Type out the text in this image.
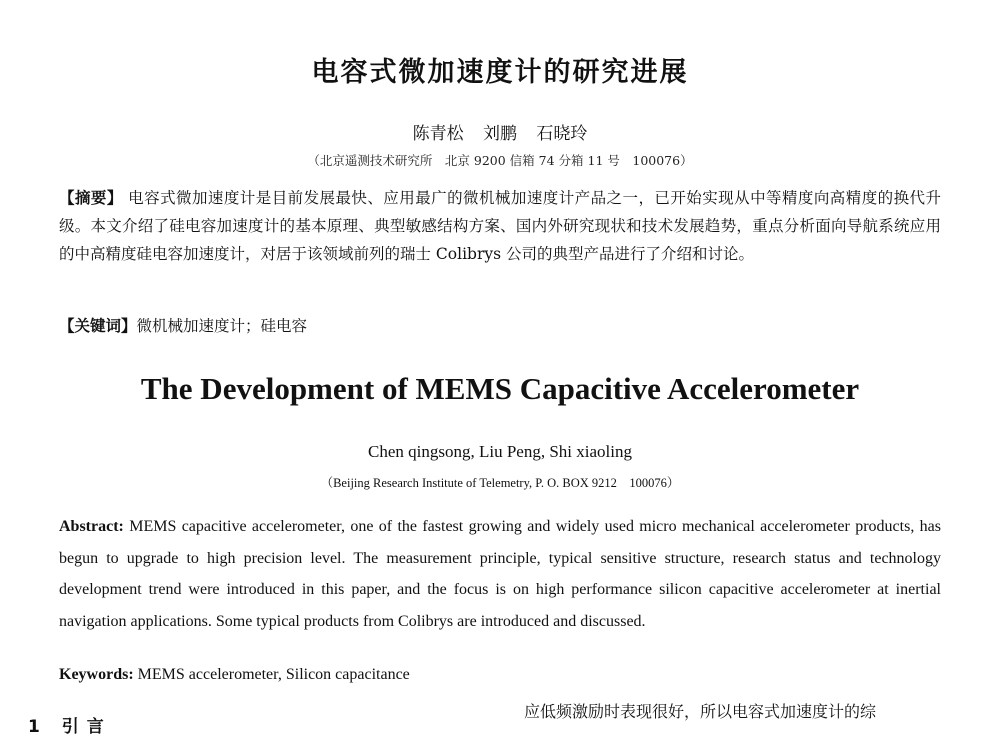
电容式微加速度计的研究进展
陈青松 刘鹏 石晓玲
（北京遥测技术研究所　北京 9200 信箱 74 分箱 11 号　100076）
【摘要】 电容式微加速度计是目前发展最快、应用最广的微机械加速度计产品之一，已开始实现从中等精度向高精度的换代升级。本文介绍了硅电容加速度计的基本原理、典型敏感结构方案、国内外研究现状和技术发展趋势，重点分析面向导航系统应用的中高精度硅电容加速度计，对居于该领域前列的瑞士 Colibrys 公司的典型产品进行了介绍和讨论。
【关键词】微机械加速度计；硅电容
The Development of MEMS Capacitive Accelerometer
Chen qingsong, Liu Peng, Shi xiaoling
（Beijing Research Institute of Telemetry, P. O. BOX 9212　100076）
Abstract: MEMS capacitive accelerometer, one of the fastest growing and widely used micro mechanical accelerometer products, has begun to upgrade to high precision level. The measurement principle, typical sensitive structure, research status and technology development trend were introduced in this paper, and the focus is on high performance silicon capacitive accelerometer at inertial navigation applications. Some typical products from Colibrys are introduced and discussed.
Keywords: MEMS accelerometer, Silicon capacitance
1 引言
应低频激励时表现很好，所以电容式加速度计的综
